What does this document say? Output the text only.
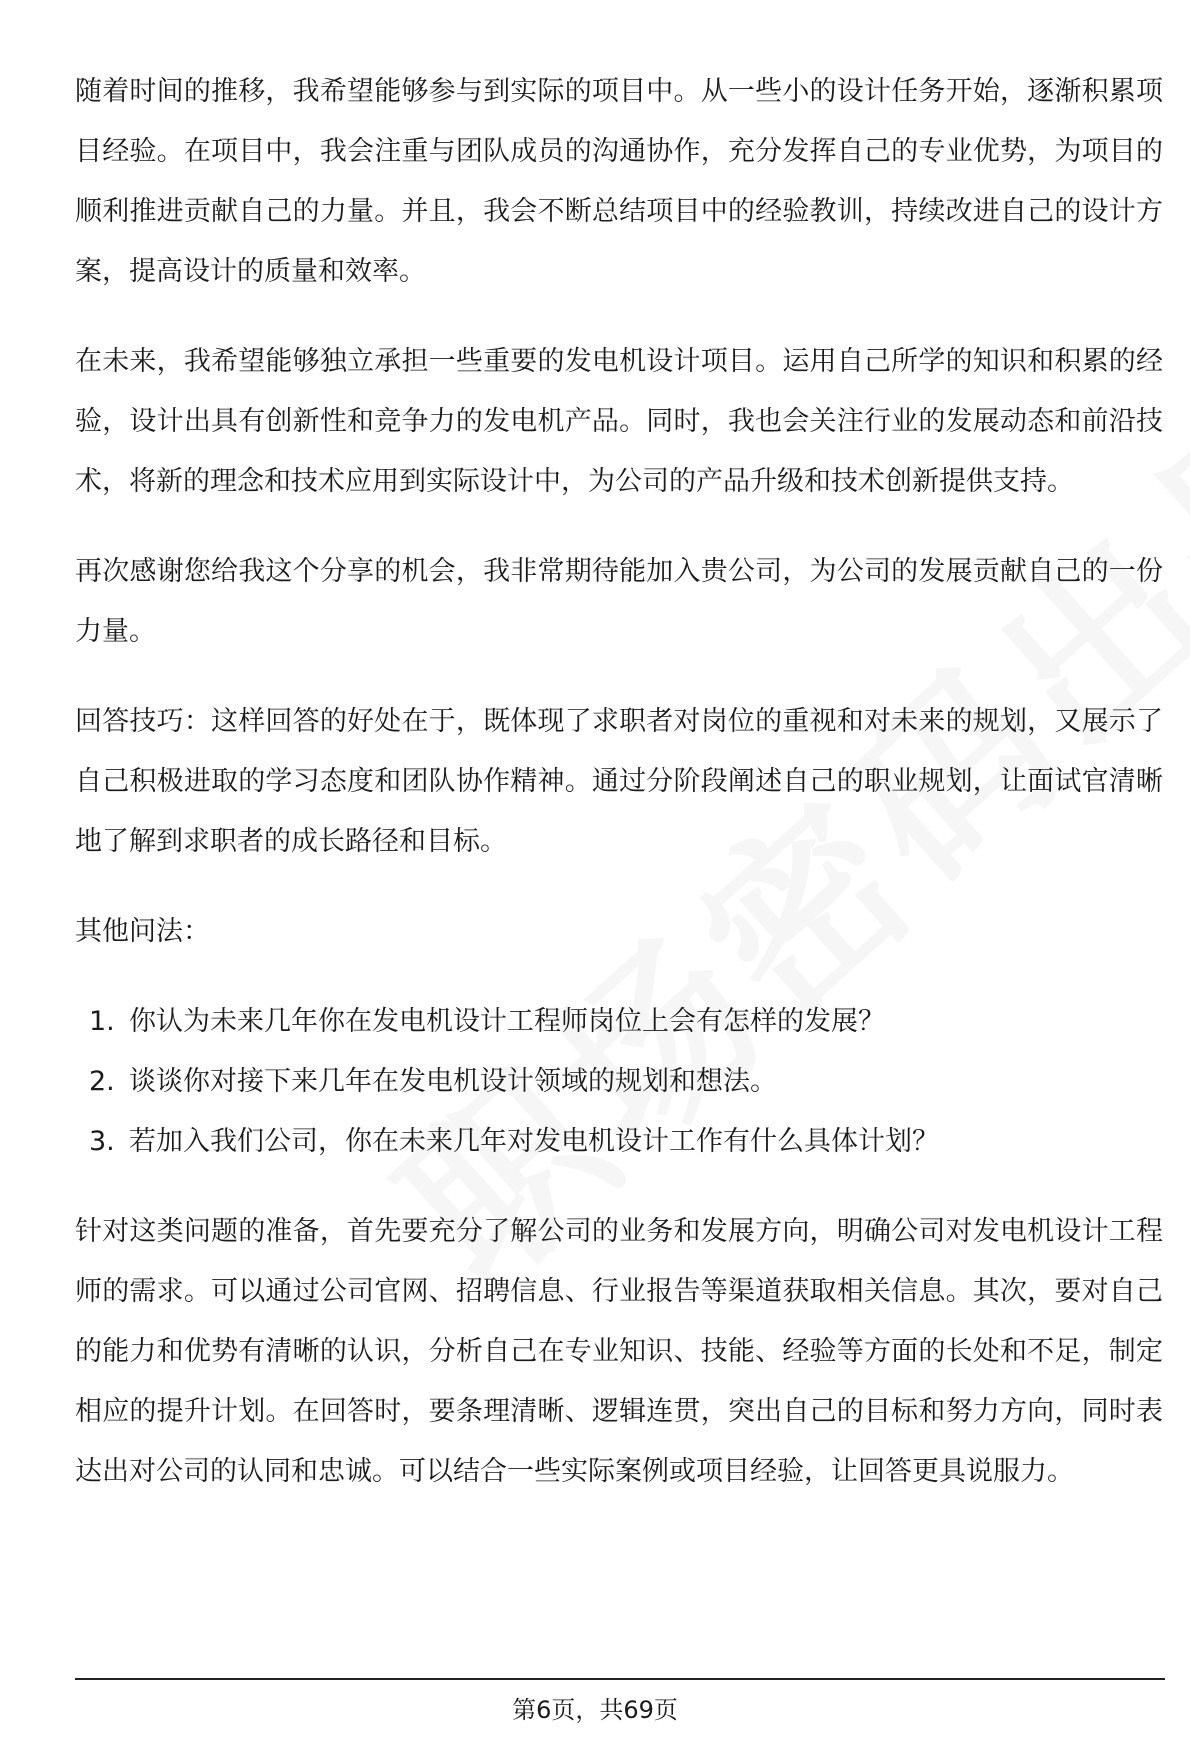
随着时间的推移，我希望能够参与到实际的项目中。从一些小的设计任务开始，逐渐积累项目经验。在项目中，我会注重与团队成员的沟通协作，充分发挥自己的专业优势，为项目的顺利推进贡献自己的力量。并且，我会不断总结项目中的经验教训，持续改进自己的设计方案，提高设计的质量和效率。

在未来，我希望能够独立承担一些重要的发电机设计项目。运用自己所学的知识和积累的经验，设计出具有创新性和竞争力的发电机产品。同时，我也会关注行业的发展动态和前沿技术，将新的理念和技术应用到实际设计中，为公司的产品升级和技术创新提供支持。

再次感谢您给我这个分享的机会，我非常期待能加入贵公司，为公司的发展贡献自己的一份力量。

回答技巧：这样回答的好处在于，既体现了求职者对岗位的重视和对未来的规划，又展示了自己积极进取的学习态度和团队协作精神。通过分阶段阐述自己的职业规划，让面试官清晰地了解到求职者的成长路径和目标。

其他问法：

1. 你认为未来几年你在发电机设计工程师岗位上会有怎样的发展？
2. 谈谈你对接下来几年在发电机设计领域的规划和想法。
3. 若加入我们公司，你在未来几年对发电机设计工作有什么具体计划？

针对这类问题的准备，首先要充分了解公司的业务和发展方向，明确公司对发电机设计工程师的需求。可以通过公司官网、招聘信息、行业报告等渠道获取相关信息。其次，要对自己的能力和优势有清晰的认识，分析自己在专业知识、技能、经验等方面的长处和不足，制定相应的提升计划。在回答时，要条理清晰、逻辑连贯，突出自己的目标和努力方向，同时表达出对公司的认同和忠诚。可以结合一些实际案例或项目经验，让回答更具说服力。

第6页，共69页
